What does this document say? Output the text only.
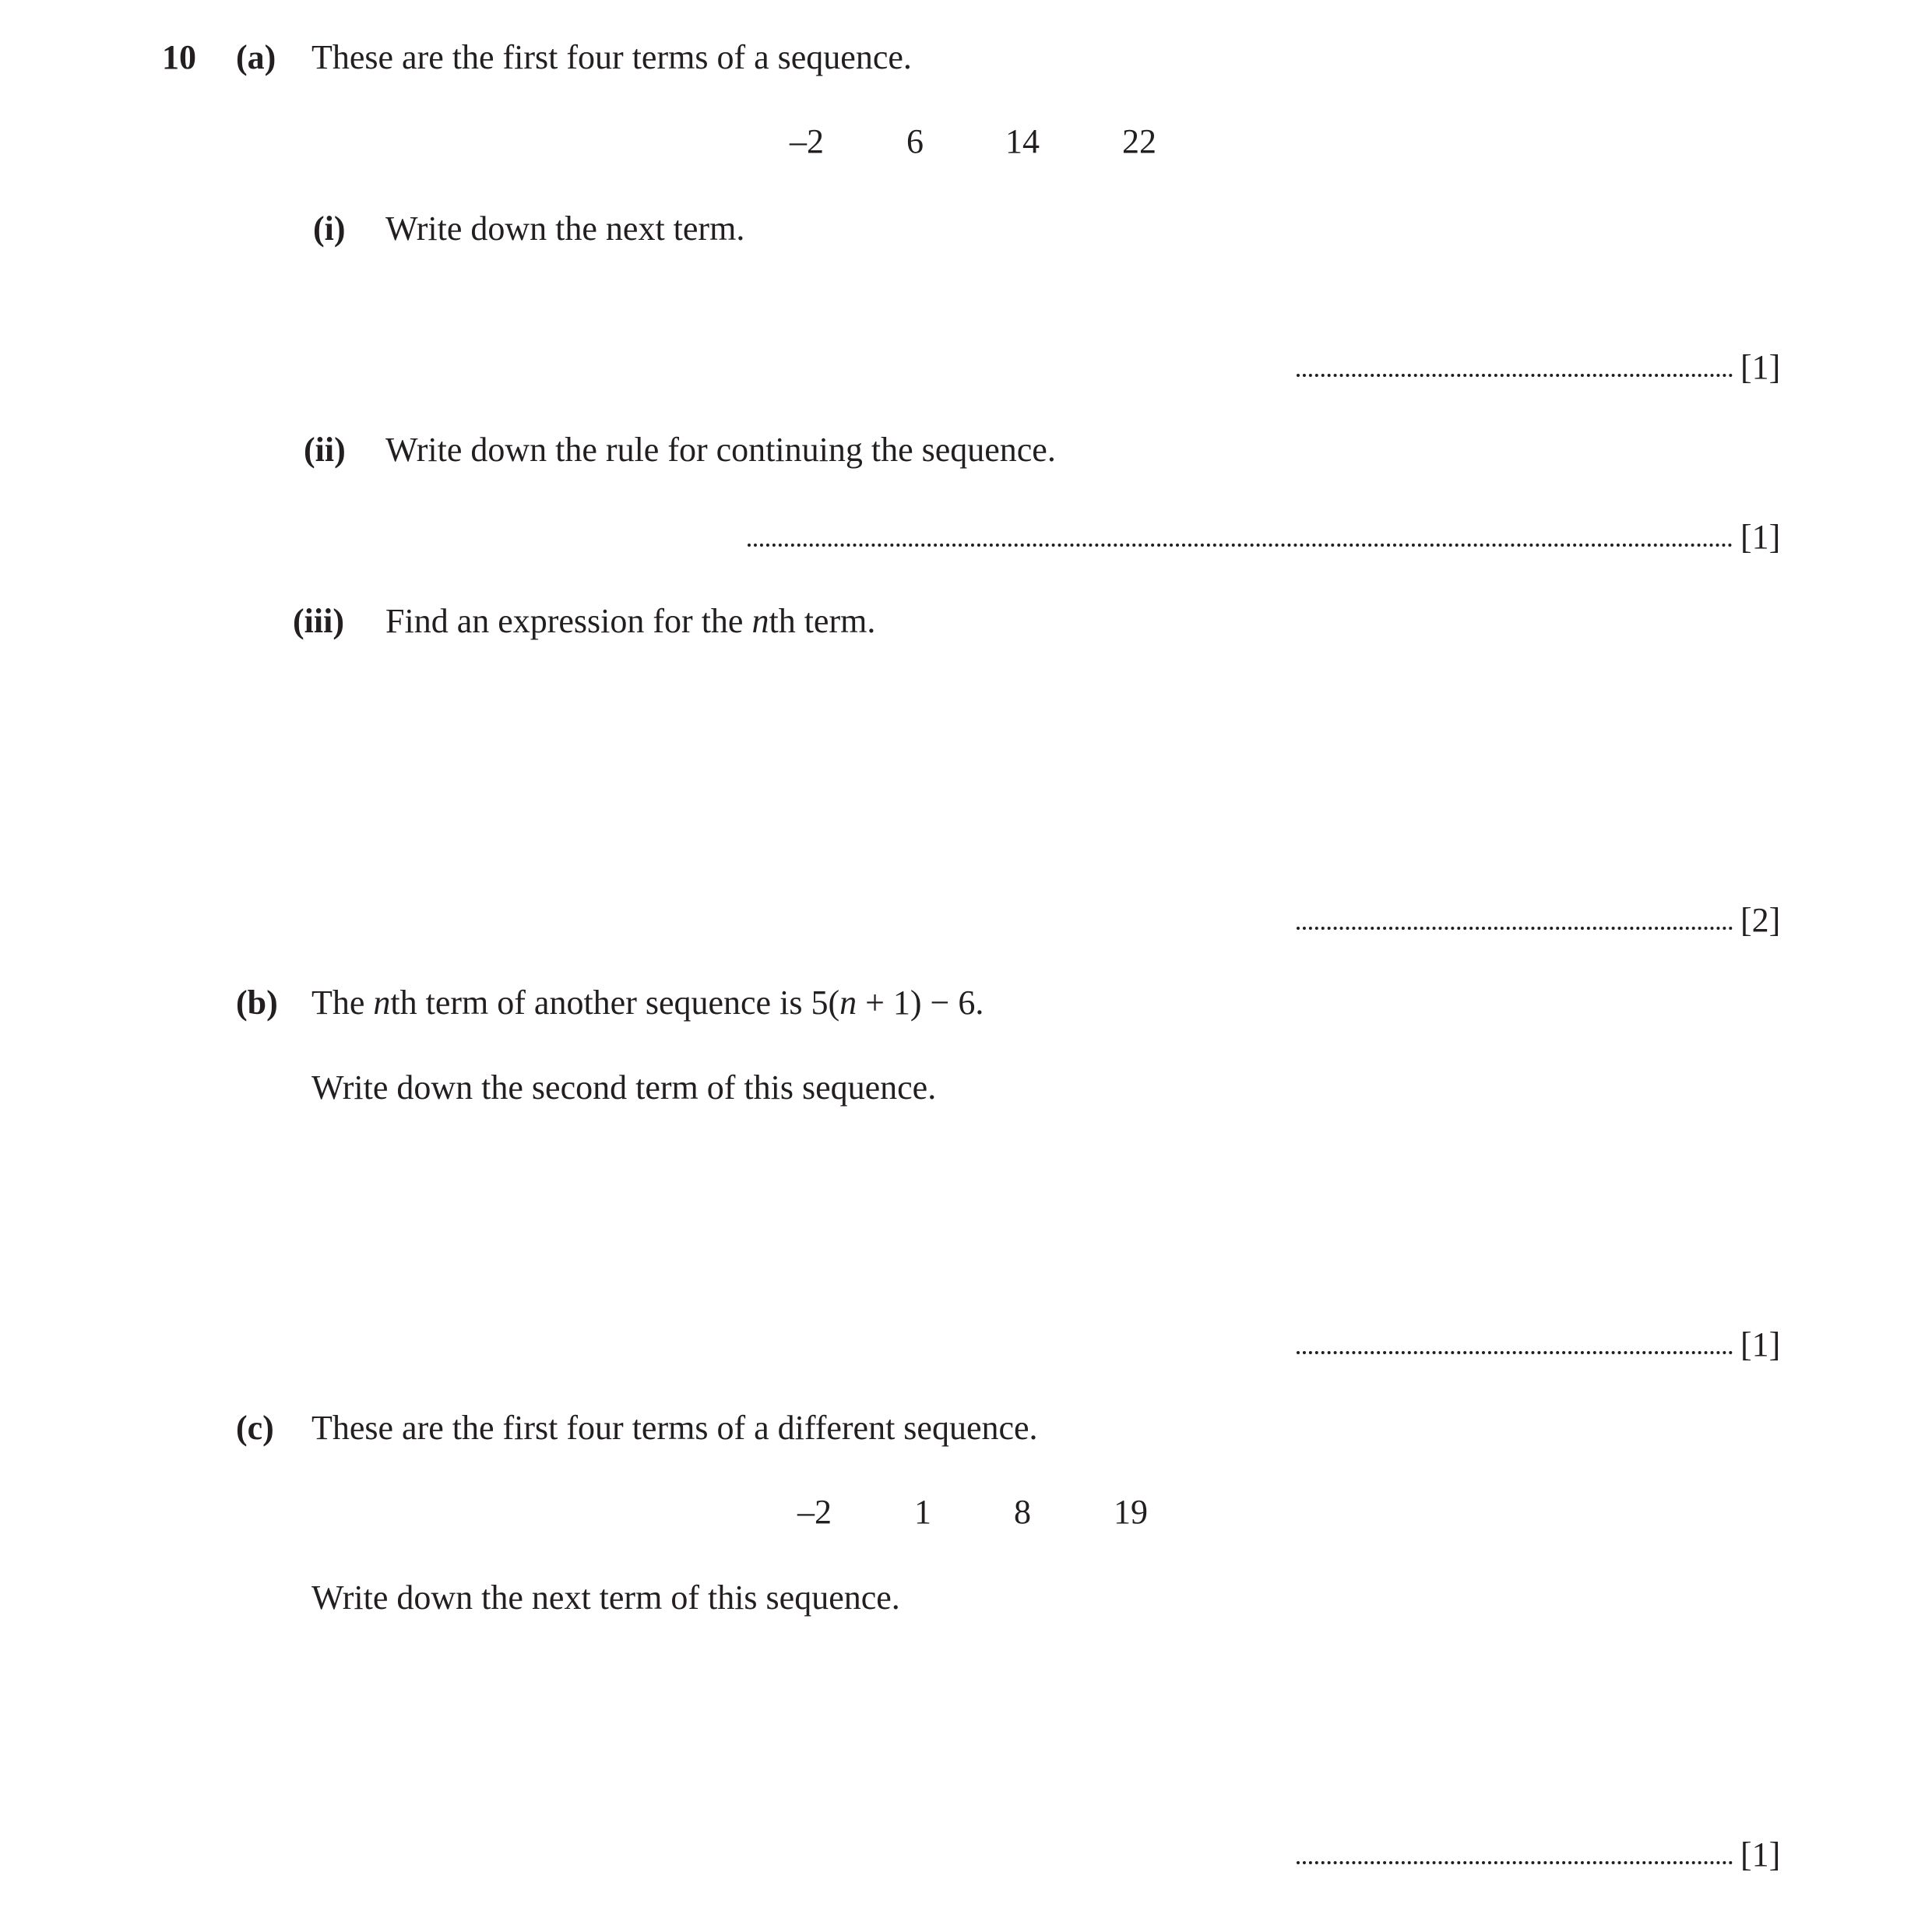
10 (a) These are the first four terms of a sequence.
–2	6	14	22
(i) Write down the next term.
[1]
(ii) Write down the rule for continuing the sequence.
[1]
(iii) Find an expression for the nth term.
[2]
(b) The nth term of another sequence is 5(n + 1) − 6.
Write down the second term of this sequence.
[1]
(c) These are the first four terms of a different sequence.
–2	1	8	19
Write down the next term of this sequence.
[1]
